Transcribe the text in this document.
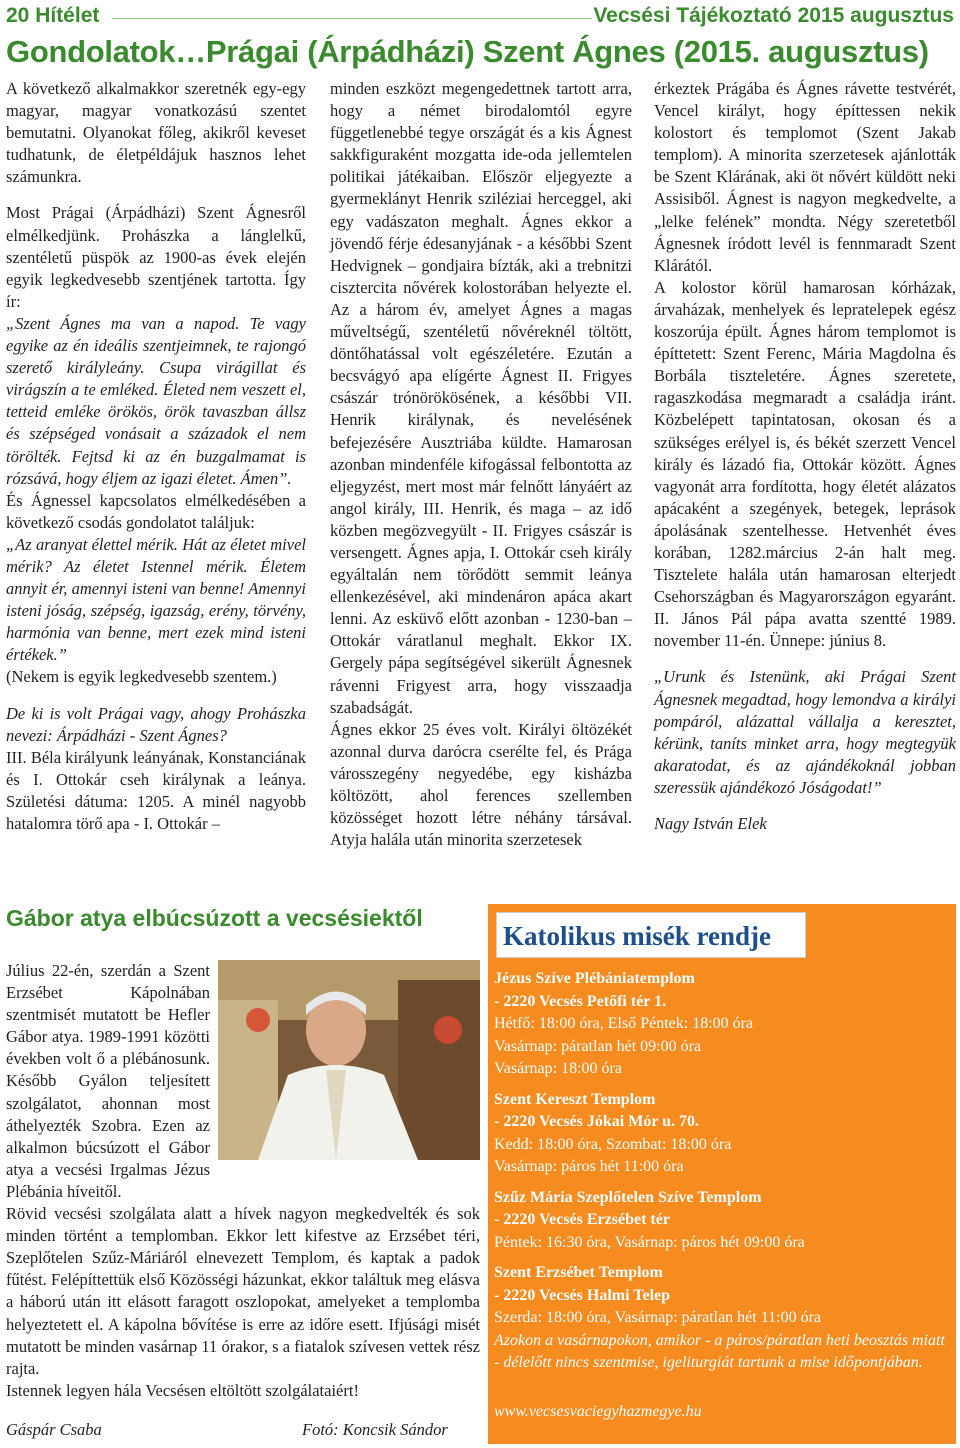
20 Hítélet	Vecsési Tájékoztató 2015 augusztus
Gondolatok…Prágai (Árpádházi) Szent Ágnes (2015. augusztus)

A következő alkalmakkor szeretnék egy-egy magyar, magyar vonatkozású szentet bemutatni. Olyanokat főleg, akikről keveset tudhatunk, de életpéldájuk hasznos lehet számunkra.

Most Prágai (Árpádházi) Szent Ágnesről elmélkedjünk. Prohászka a lánglelkű, szentéletű püspök az 1900-as évek elején egyik legkedvesebb szentjének tartotta. Így ír:

„Szent Ágnes ma van a napod. Te vagy egyike az én ideális szentjeimnek, te rajongó szerető királyleány. Csupa virágillat és virágszín a te emléked. Életed nem veszett el, tetteid emléke örökös, örök tavaszban állsz és szépséged vonásait a századok el nem törölték. Fejtsd ki az én buzgalmamat is rózsává, hogy éljem az igazi életet. Ámen”.

És Ágnessel kapcsolatos elmélkedésében a következő csodás gondolatot találjuk:

„Az aranyat élettel mérik. Hát az életet mivel mérik? Az életet Istennel mérik. Életem annyit ér, amennyi isteni van benne! Amennyi isteni jóság, szépség, igazság, erény, törvény, harmónia van benne, mert ezek mind isteni értékek.”

(Nekem is egyik legkedvesebb szentem.)

De ki is volt Prágai vagy, ahogy Prohászka nevezi: Árpádházi - Szent Ágnes?

III. Béla királyunk leányának, Konstanciának és I. Ottokár cseh királynak a leánya. Születési dátuma: 1205. A minél nagyobb hatalomra törő apa - I. Ottokár –

minden eszközt megengedettnek tartott arra, hogy a német birodalomtól egyre függetlenebbé tegye országát és a kis Ágnest sakkfiguraként mozgatta ide-oda jellemtelen politikai játékaiban. Először eljegyezte a gyermeklányt Henrik sziléziai herceggel, aki egy vadászaton meghalt. Ágnes ekkor a jövendő férje édesanyjának - a későbbi Szent Hedvignek – gondjaira bízták, aki a trebnitzi cisztercita nővérek kolostorában helyezte el. Az a három év, amelyet Ágnes a magas műveltségű, szentéletű nővéreknél töltött, döntőhatással volt egészéletére. Ezután a becsvágyó apa elígérte Ágnest II. Frigyes császár trónörökösének, a későbbi VII. Henrik királynak, és nevelésének befejezésére Ausztriába küldte. Hamarosan azonban mindenféle kifogással felbontotta az eljegyzést, mert most már felnőtt lányáért az angol király, III. Henrik, és maga – az idő közben megözvegyült - II. Frigyes császár is versengett. Ágnes apja, I. Ottokár cseh király egyáltalán nem törődött semmit leánya ellenkezésével, aki mindenáron apáca akart lenni. Az esküvő előtt azonban - 1230-ban – Ottokár váratlanul meghalt. Ekkor IX. Gergely pápa segítségével sikerült Ágnesnek rávenni Frigyest arra, hogy visszaadja szabadságát.

Ágnes ekkor 25 éves volt. Királyi öltözékét azonnal durva darócra cserélte fel, és Prága városszegény negyedébe, egy kisházba költözött, ahol ferences szellemben közösséget hozott létre néhány társával. Atyja halála után minorita szerzetesek

érkeztek Prágába és Ágnes rávette testvérét, Vencel királyt, hogy építtessen nekik kolostort és templomot (Szent Jakab templom). A minorita szerzetesek ajánlották be Szent Klárának, aki öt nővért küldött neki Assisiből. Ágnest is nagyon megkedvelte, a „lelke felének” mondta. Négy szeretetből Ágnesnek íródott levél is fennmaradt Szent Klárától.

A kolostor körül hamarosan kórházak, árvaházak, menhelyek és lepratelepek egész koszorúja épült. Ágnes három templomot is építtetett: Szent Ferenc, Mária Magdolna és Borbála tiszteletére. Ágnes szeretete, ragaszkodása megmaradt a családja iránt. Közbelépett tapintatosan, okosan és a szükséges erélyel is, és békét szerzett Vencel király és lázadó fia, Ottokár között. Ágnes vagyonát arra fordította, hogy életét alázatos apácaként a szegények, betegek, leprások ápolásának szentelhesse. Hetvenhét éves korában, 1282.március 2-án halt meg. Tisztelete halála után hamarosan elterjedt Csehországban és Magyarországon egyaránt. II. János Pál pápa avatta szentté 1989. november 11-én. Ünnepe: június 8.

„Urunk és Istenünk, aki Prágai Szent Ágnesnek megadtad, hogy lemondva a királyi pompáról, alázattal vállalja a keresztet, kérünk, taníts minket arra, hogy megtegyük akaratodat, és az ajándékoknál jobban szeressük ajándékozó Jóságodat!”

Nagy István Elek

Gábor atya elbúcsúzott a vecsésiektől

Július 22-én, szerdán a Szent Erzsébet Kápolnában szentmisét mutatott be Hefler Gábor atya. 1989-1991 közötti években volt ő a plébánosunk. Később Gyálon teljesített szolgálatot, ahonnan most áthelyezték Szobra. Ezen az alkalmon búcsúzott el Gábor atya a vecsési Irgalmas Jézus Plébánia híveitől.

Rövid vecsési szolgálata alatt a hívek nagyon megkedvelték és sok minden történt a templomban. Ekkor lett kifestve az Erzsébet téri, Szeplőtelen Szűz-Máriáról elnevezett Templom, és kaptak a padok fűtést. Felépíttettük első Közösségi házunkat, ekkor találtuk meg elásva a háború után itt elásott faragott oszlopokat, amelyeket a templomba helyeztetett el. A kápolna bővítése is erre az időre esett. Ifjúsági misét mutatott be minden vasárnap 11 órakor, s a fiatalok szívesen vettek rész rajta.

Istennek legyen hála Vecsésen eltöltött szolgálataiért!

Gáspár Csaba	Fotó: Koncsik Sándor
Katolikus misék rendje

Jézus Szíve Plébániatemplom

- 2220 Vecsés Petőfi tér 1.

Hétfő: 18:00 óra, Első Péntek: 18:00 óra

Vasárnap: páratlan hét 09:00 óra

Vasárnap: 18:00 óra

Szent Kereszt Templom

- 2220 Vecsés Jókai Mór u. 70.

Kedd: 18:00 óra, Szombat: 18:00 óra

Vasárnap: páros hét 11:00 óra

Szűz Mária Szeplőtelen Szíve Templom

- 2220 Vecsés Erzsébet tér

Péntek: 16:30 óra, Vasárnap: páros hét 09:00 óra

Szent Erzsébet Templom

- 2220 Vecsés Halmi Telep

Szerda: 18:00 óra, Vasárnap: páratlan hét 11:00 óra

Azokon a vasárnapokon, amikor - a páros/páratlan heti beosztás miatt - délelőtt nincs szentmise, igeliturgiát tartunk a mise időpontjában.

www.vecsesvaciegyhazmegye.hu
